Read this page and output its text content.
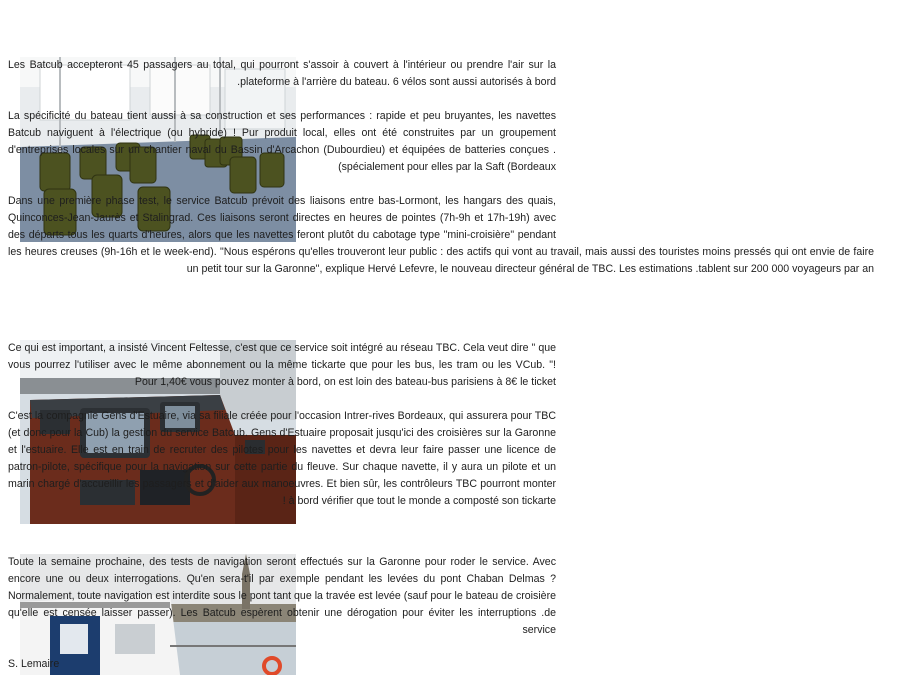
Les Batcub accepteront 45 passagers au total, qui pourront s'assoir à couvert à l'intérieur ou prendre l'air sur la .plateforme à l'arrière du bateau. 6 vélos sont aussi autorisés à bord

La spécificité du bateau tient aussi à sa construction et ses performances : rapide et peu bruyantes, les navettes Batcub naviguent à l'électrique (ou hybride) ! Pur produit local, elles ont été construites par un groupement d'entreprises locales sur un chantier naval du Bassin d'Arcachon (Dubourdieu) et équipées de batteries conçues .(spécialement pour elles par la Saft (Bordeaux

Dans une première phase test, le service Batcub prévoit des liaisons entre bas-Lormont, les hangars des quais, Quinconces-Jean-Jaurès et Stalingrad. Ces liaisons seront directes en heures de pointes (7h-9h et 17h-19h) avec des départs tous les quarts d'heures, alors que les navettes feront plutôt du cabotage type "mini-croisière" pendant les heures creuses (9h-16h et le week-end). "Nous espérons qu'elles trouveront leur public : des actifs qui vont au travail, mais aussi des touristes moins pressés qui ont envie de faire un petit tour sur la Garonne", explique Hervé Lefevre, le nouveau directeur général de TBC. Les estimations .tablent sur 200 000 voyageurs par an

Ce qui est important, a insisté Vincent Feltesse, c'est que ce service soit intégré au réseau TBC. Cela veut dire " que vous pourrez l'utiliser avec le même abonnement ou la même tickarte que pour les bus, les tram ou les VCub. "! Pour 1,40€ vous pouvez monter à bord, on est loin des bateau-bus parisiens à 8€ le ticket

C'est la compagnie Gens d'Estuaire, via sa filiale créée pour l'occasion Intrer-rives Bordeaux, qui assurera pour TBC (et donc pour la Cub) la gestion du service Batcub. Gens d'Estuaire proposait jusqu'ici des croisières sur la Garonne et l'estuaire. Elle est en train de recruter des pilotes pour les navettes et devra leur faire passer une licence de patron-pilote, spécifique pour la navigation sur cette partie du fleuve. Sur chaque navette, il y aura un pilote et un marin chargé d'accueillir les passagers et d'aider aux manoeuvres. Et bien sûr, les contrôleurs TBC pourront monter ! à bord vérifier que tout le monde a composté son tickarte

Toute la semaine prochaine, des tests de navigation seront effectués sur la Garonne pour roder le service. Avec encore une ou deux interrogations. Qu'en sera-t'il par exemple pendant les levées du pont Chaban Delmas ? Normalement, toute navigation est interdite sous le pont tant que la travée est levée (sauf pour le bateau de croisière qu'elle est censée laisser passer). Les Batcub espèrent obtenir une dérogation pour éviter les interruptions .de service

S. Lemaire
